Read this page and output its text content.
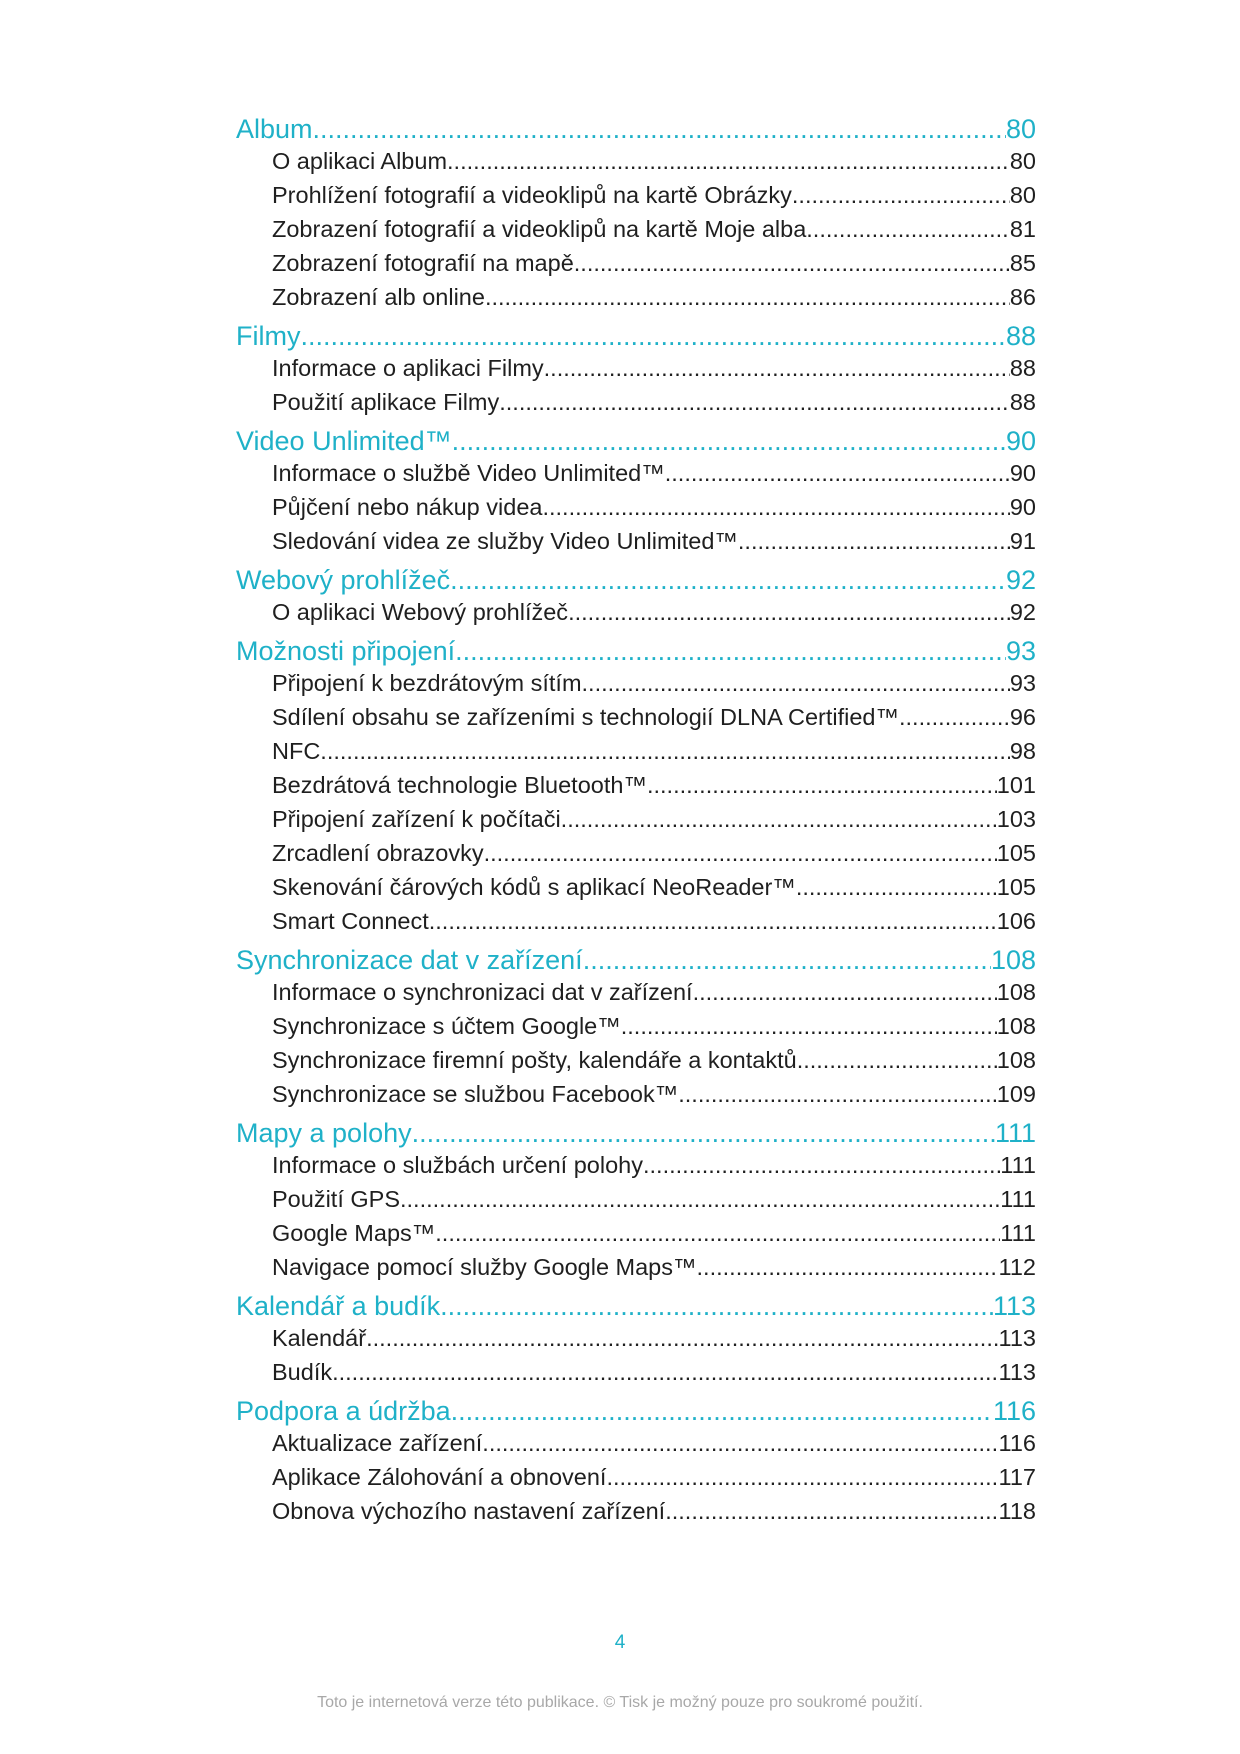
Album .....	80
O aplikaci Album .....	80
Prohlížení fotografií a videoklipů na kartě Obrázky .....	80
Zobrazení fotografií a videoklipů na kartě Moje alba .....	81
Zobrazení fotografií na mapě .....	85
Zobrazení alb online .....	86
Filmy .....	88
Informace o aplikaci Filmy .....	88
Použití aplikace Filmy .....	88
Video Unlimited™ .....	90
Informace o službě Video Unlimited™ .....	90
Půjčení nebo nákup videa .....	90
Sledování videa ze služby Video Unlimited™ .....	91
Webový prohlížeč .....	92
O aplikaci Webový prohlížeč .....	92
Možnosti připojení .....	93
Připojení k bezdrátovým sítím .....	93
Sdílení obsahu se zařízeními s technologií DLNA Certified™ .....	96
NFC .....	98
Bezdrátová technologie Bluetooth™ .....	101
Připojení zařízení k počítači .....	103
Zrcadlení obrazovky .....	105
Skenování čárových kódů s aplikací NeoReader™ .....	105
Smart Connect .....	106
Synchronizace dat v zařízení .....	108
Informace o synchronizaci dat v zařízení .....	108
Synchronizace s účtem Google™ .....	108
Synchronizace firemní pošty, kalendáře a kontaktů .....	108
Synchronizace se službou Facebook™ .....	109
Mapy a polohy .....	111
Informace o službách určení polohy .....	111
Použití GPS .....	111
Google Maps™ .....	111
Navigace pomocí služby Google Maps™ .....	112
Kalendář a budík .....	113
Kalendář .....	113
Budík .....	113
Podpora a údržba .....	116
Aktualizace zařízení .....	116
Aplikace Zálohování a obnovení .....	117
Obnova výchozího nastavení zařízení .....	118
4
Toto je internetová verze této publikace. © Tisk je možný pouze pro soukromé použití.
